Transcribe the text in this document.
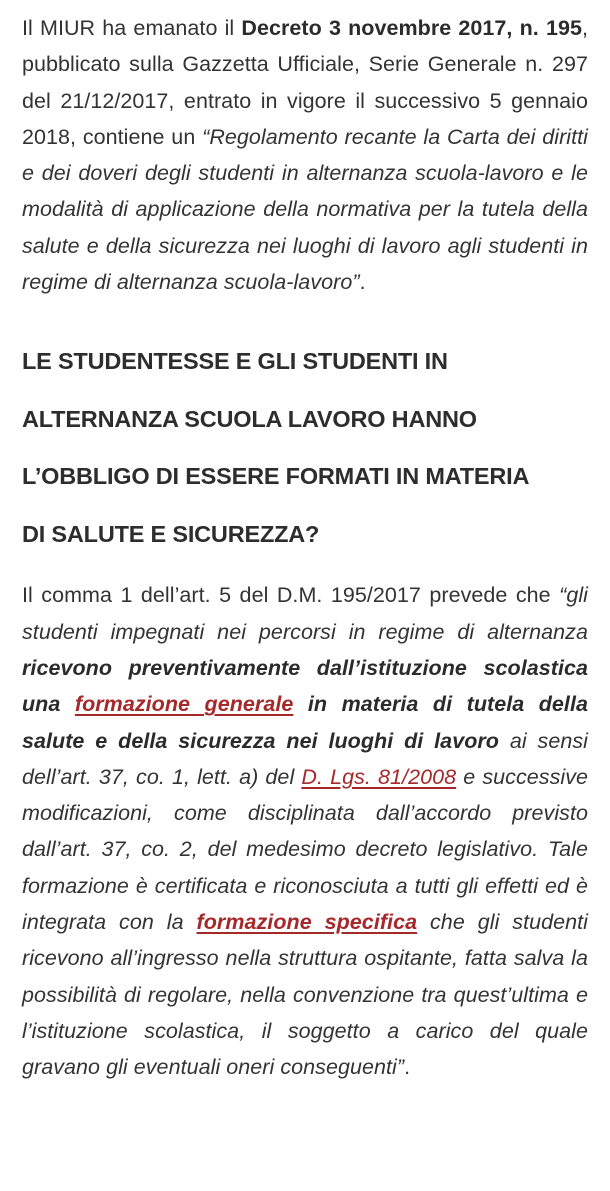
Il MIUR ha emanato il Decreto 3 novembre 2017, n. 195, pubblicato sulla Gazzetta Ufficiale, Serie Generale n. 297 del 21/12/2017, entrato in vigore il successivo 5 gennaio 2018, contiene un “Regolamento recante la Carta dei diritti e dei doveri degli studenti in alternanza scuola-lavoro e le modalità di applicazione della normativa per la tutela della salute e della sicurezza nei luoghi di lavoro agli studenti in regime di alternanza scuola-lavoro”.

LE STUDENTESSE E GLI STUDENTI IN
ALTERNANZA SCUOLA LAVORO HANNO
L’OBBLIGO DI ESSERE FORMATI IN MATERIA
DI SALUTE E SICUREZZA?

Il comma 1 dell’art. 5 del D.M. 195/2017 prevede che “gli studenti impegnati nei percorsi in regime di alternanza ricevono preventivamente dall’istituzione scolastica una formazione generale in materia di tutela della salute e della sicurezza nei luoghi di lavoro ai sensi dell’art. 37, co. 1, lett. a) del D. Lgs. 81/2008 e successive modificazioni, come disciplinata dall’accordo previsto dall’art. 37, co. 2, del medesimo decreto legislativo. Tale formazione è certificata e riconosciuta a tutti gli effetti ed è integrata con la formazione specifica che gli studenti ricevono all’ingresso nella struttura ospitante, fatta salva la possibilità di regolare, nella convenzione tra quest’ultima e l’istituzione scolastica, il soggetto a carico del quale gravano gli eventuali oneri conseguenti”.
